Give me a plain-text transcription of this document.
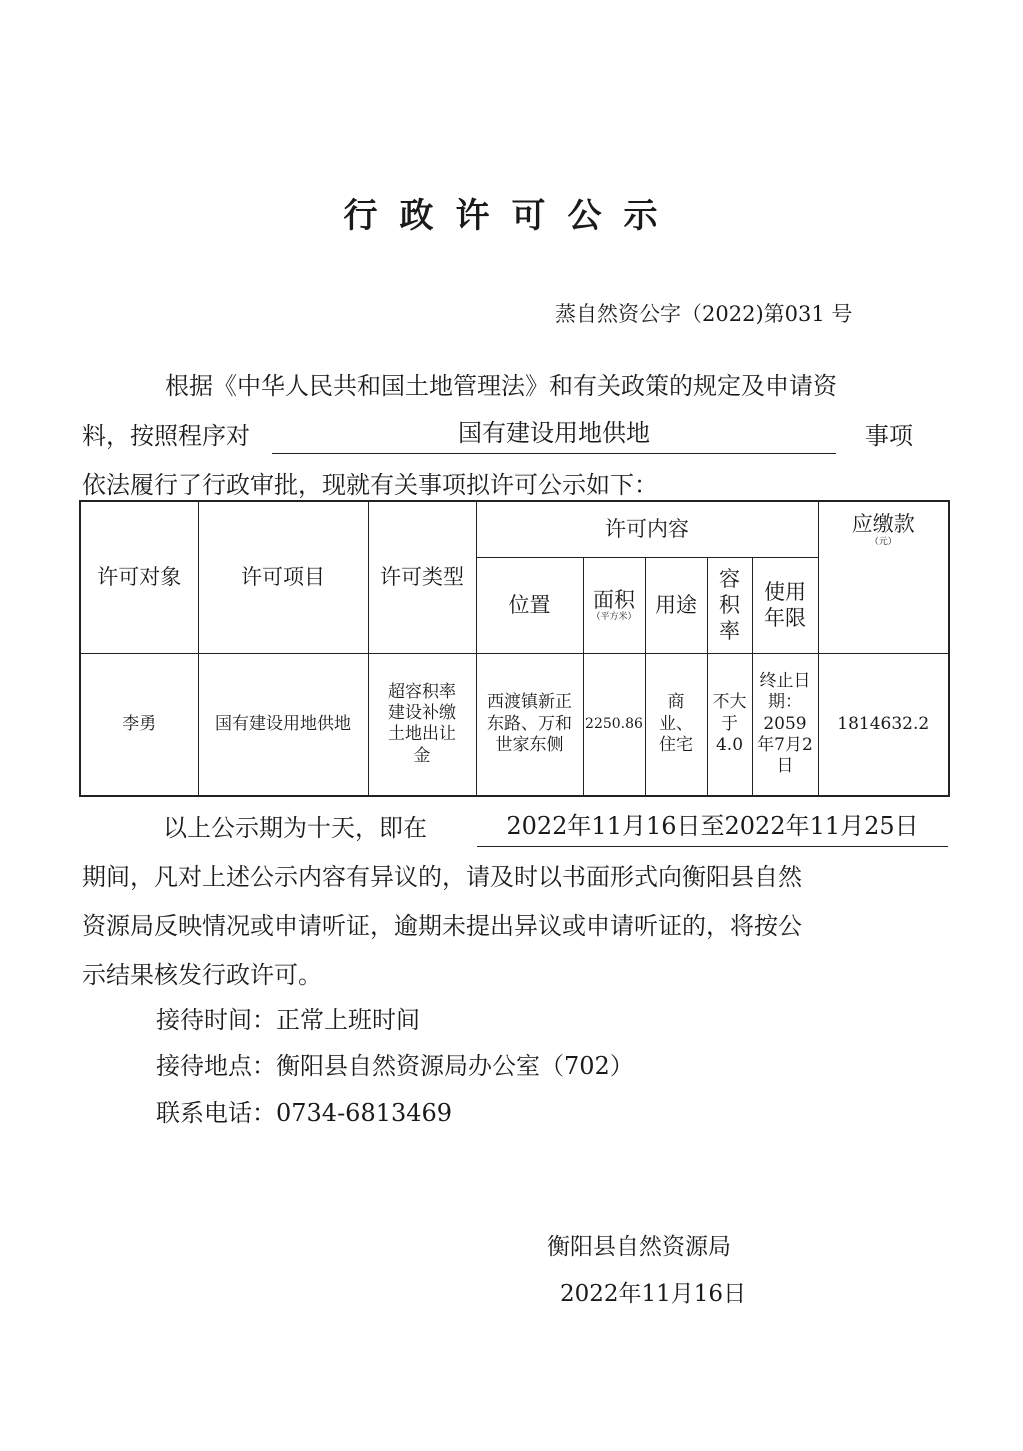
行政许可公示
蒸自然资公字（2022)第031 号
根据《中华人民共和国土地管理法》和有关政策的规定及申请资
料，按照程序对	国有建设用地供地	事项
依法履行了行政审批，现就有关事项拟许可公示如下：
许可对象	许可项目	许可类型	许可内容					应缴款
（元）

			位置	面积
（平方米）	用途	容积率	使用年限	
李勇	国有建设用地供地	超容积率建设补缴土地出让金	西渡镇新正东路、万和世家东侧	2250.86	商业、住宅	不大于4.0	终止日期：2059年7月2日	1814632.2
以上公示期为十天，即在	2022年11月16日至2022年11月25日
期间，凡对上述公示内容有异议的，请及时以书面形式向衡阳县自然
资源局反映情况或申请听证，逾期未提出异议或申请听证的，将按公
示结果核发行政许可。
接待时间：正常上班时间
接待地点：衡阳县自然资源局办公室（702）
联系电话：0734-6813469
衡阳县自然资源局
2022年11月16日
